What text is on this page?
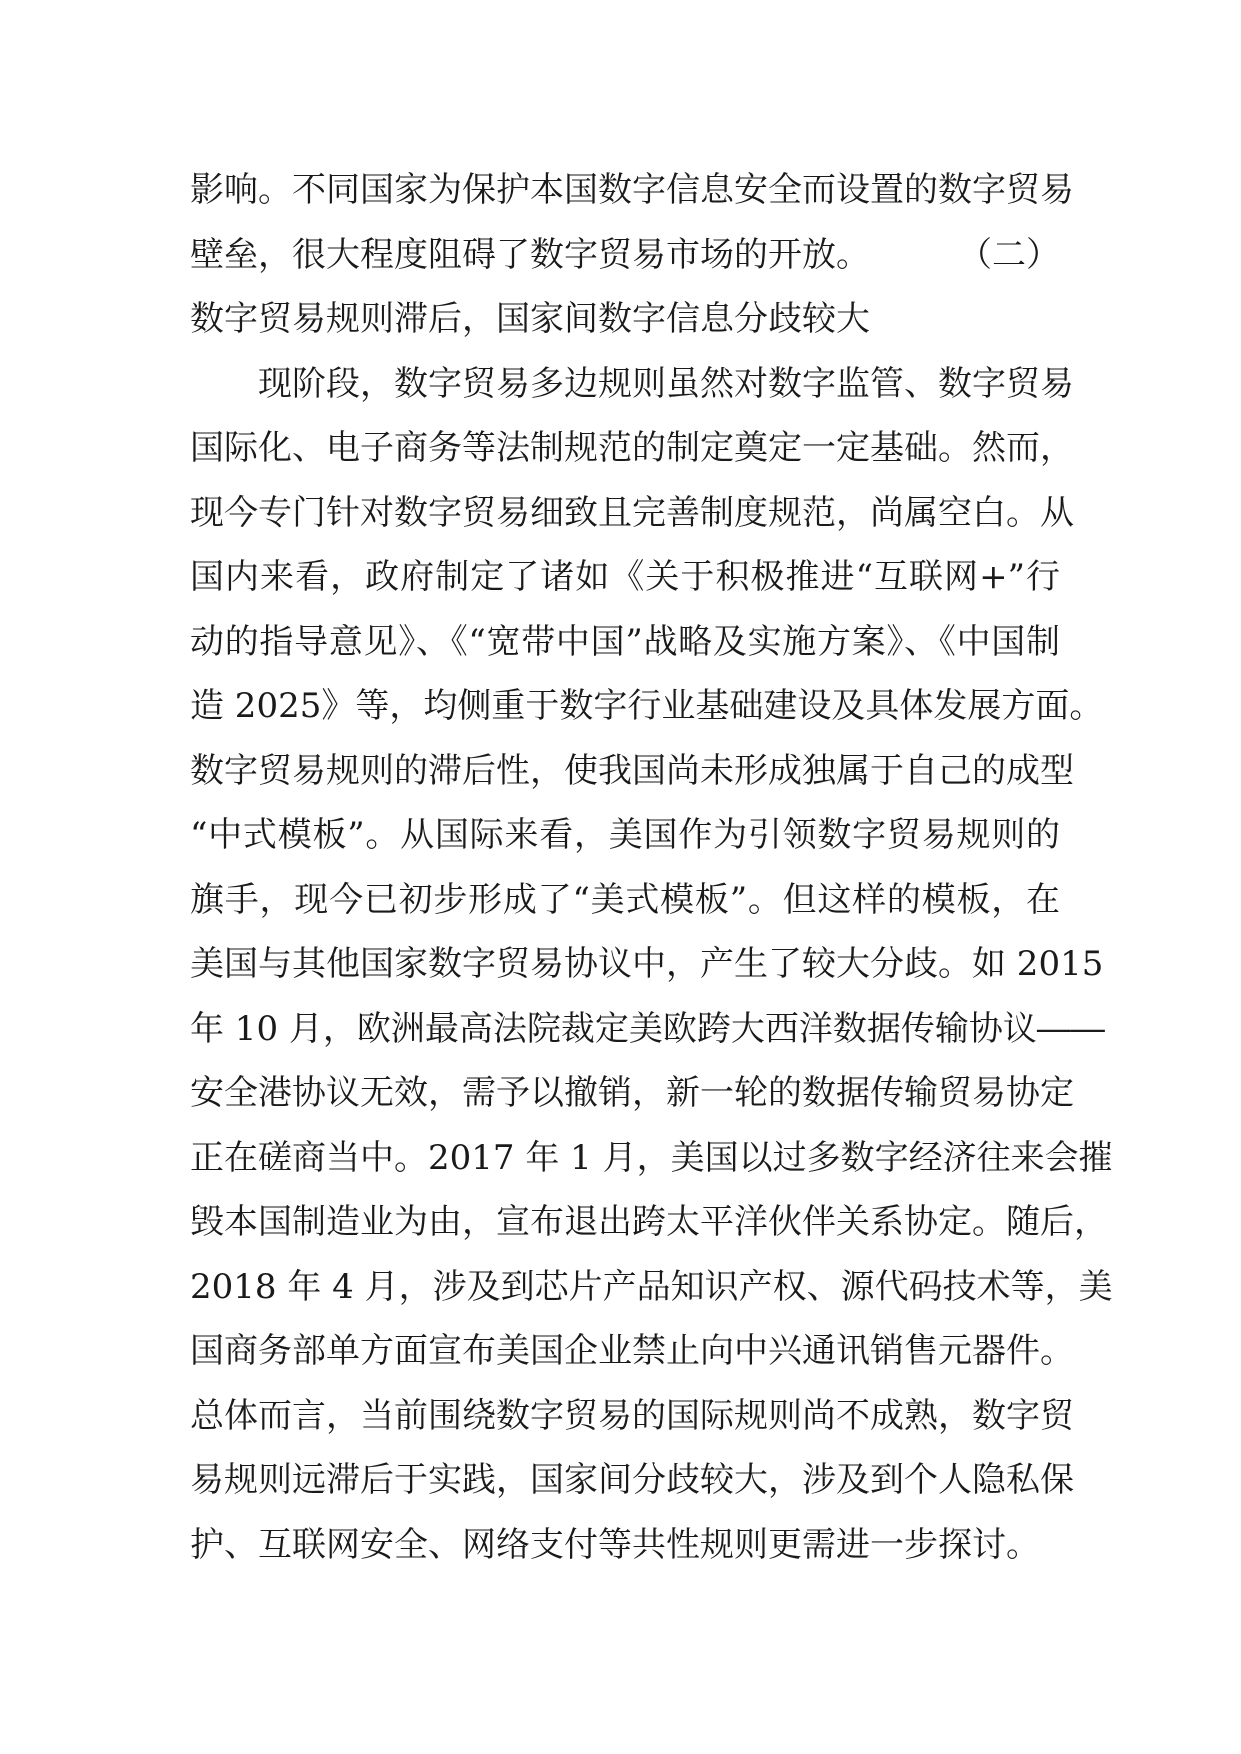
影响。不同国家为保护本国数字信息安全而设置的数字贸易
壁垒，很大程度阻碍了数字贸易市场的开放。	（二）
数字贸易规则滞后，国家间数字信息分歧较大
现阶段，数字贸易多边规则虽然对数字监管、数字贸易
国际化、电子商务等法制规范的制定奠定一定基础。然而，
现今专门针对数字贸易细致且完善制度规范，尚属空白。从
国内来看，政府制定了诸如《关于积极推进“互联网+”行
动的指导意见》、《“宽带中国”战略及实施方案》、《中国制
造 2025》等，均侧重于数字行业基础建设及具体发展方面。
数字贸易规则的滞后性，使我国尚未形成独属于自己的成型
“中式模板”。从国际来看，美国作为引领数字贸易规则的
旗手，现今已初步形成了“美式模板”。但这样的模板，在
美国与其他国家数字贸易协议中，产生了较大分歧。如 2015
年 10 月，欧洲最高法院裁定美欧跨大西洋数据传输协议――
安全港协议无效，需予以撤销，新一轮的数据传输贸易协定
正在磋商当中。2017 年 1 月，美国以过多数字经济往来会摧
毁本国制造业为由，宣布退出跨太平洋伙伴关系协定。随后，
2018 年 4 月，涉及到芯片产品知识产权、源代码技术等，美
国商务部单方面宣布美国企业禁止向中兴通讯销售元器件。
总体而言，当前围绕数字贸易的国际规则尚不成熟，数字贸
易规则远滞后于实践，国家间分歧较大，涉及到个人隐私保
护、互联网安全、网络支付等共性规则更需进一步探讨。
